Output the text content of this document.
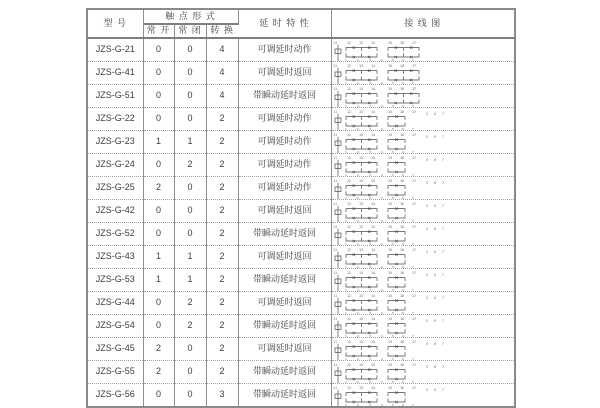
型 号	触 点 形 式			延 时 特 性	接 线 图
	常 开	常 闭	转 换		
JZS-G-21	0	0	4	可调延时动作	
11	12 13 14	15 16 17
1	2	3	4	5	6	7

JZS-G-41	0	0	4	可调延时返回	
11	12 13 14	15 16 17
1	2	3	4	5	6	7

JZS-G-51	0	0	4	带瞬动延时返回	
11	12 13 14	15 16 17
1	2	3	4	5	6	7

JZS-G-22	0	0	2	可调延时动作	
11	12 13 14	15 16 17	5 6 7
1	2	3	4	5	6	7

JZS-G-23	1	1	2	可调延时动作	
11	12 13 14	15 16 17	5 6 7
1	2	3	4	5	6	7

JZS-G-24	0	2	2	可调延时动作	
11	12 13 14	15 16 17	5 6 7
1	2	3	4	5	6	7

JZS-G-25	2	0	2	可调延时动作	
11	12 13 14	15 16 17	5 6 7
1	2	3	4	5	6	7

JZS-G-42	0	0	2	可调延时返回	
11	12 13 14	15 16 17	5 6 7
1	2	3	4	5	6	7

JZS-G-52	0	0	2	带瞬动延时返回	
11	12 13 14	15 16 17	5 6 7
1	2	3	4	5	6	7

JZS-G-43	1	1	2	可调延时返回	
11	12 13 14	15 16 17	5 6 7
1	2	3	4	5	6	7

JZS-G-53	1	1	2	带瞬动延时返回	
11	12 13 14	15 16 17	5 6 7
1	2	3	4	5	6	7

JZS-G-44	0	2	2	可调延时返回	
11	12 13 14	15 16 17	5 6 7
1	2	3	4	5	6	7

JZS-G-54	0	2	2	带瞬动延时返回	
11	12 13 14	15 16 17	5 6 7
1	2	3	4	5	6	7

JZS-G-45	2	0	2	可调延时返回	
11	12 13 14	15 16 17	5 6 7
1	2	3	4	5	6	7

JZS-G-55	2	0	2	带瞬动延时返回	
11	12 13 14	15 16 17	5 6 7
1	2	3	4	5	6	7

JZS-G-56	0	0	3	带瞬动延时返回	
11	12 13 14	15 16 17	5 6 7
1	2	3	4	5	6	7
